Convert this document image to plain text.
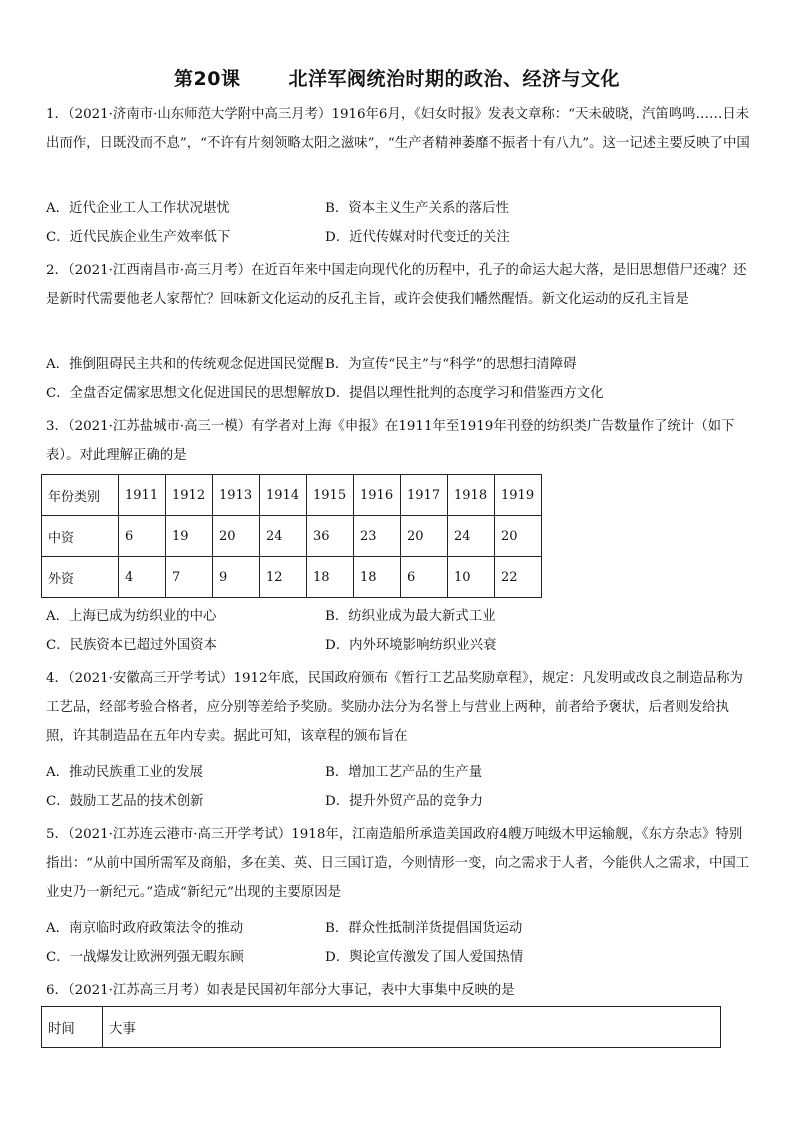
第20课	北洋军阀统治时期的政治、经济与文化
1．（2021·济南市·山东师范大学附中高三月考）1916年6月，《妇女时报》发表文章称：“天未破晓，汽笛鸣鸣……日未出而作，日既没而不息”，“不许有片刻领略太阳之滋味”，“生产者精神萎靡不振者十有八九”。这一记述主要反映了中国
A．近代企业工人工作状况堪忧	B．资本主义生产关系的落后性
C．近代民族企业生产效率低下	D．近代传媒对时代变迁的关注
2．（2021·江西南昌市·高三月考）在近百年来中国走向现代化的历程中，孔子的命运大起大落，是旧思想借尸还魂？还是新时代需要他老人家帮忙？回味新文化运动的反孔主旨，或许会使我们幡然醒悟。新文化运动的反孔主旨是
A．推倒阻碍民主共和的传统观念促进国民觉醒 B．为宣传“民主”与“科学”的思想扫清障碍
C．全盘否定儒家思想文化促进国民的思想解放 D．提倡以理性批判的态度学习和借鉴西方文化
3．（2021·江苏盐城市·高三一模）有学者对上海《申报》在1911年至1919年刊登的纺织类广告数量作了统计（如下表）。对此理解正确的是
年份类别	1911	1912	1913	1914	1915	1916	1917	1918	1919
中资	6	19	20	24	36	23	20	24	20
外资	4	7	9	12	18	18	6	10	22
A．上海已成为纺织业的中心	B．纺织业成为最大新式工业
C．民族资本已超过外国资本	D．内外环境影响纺织业兴衰
4．（2021·安徽高三开学考试）1912年底，民国政府颁布《暂行工艺品奖励章程》，规定：凡发明或改良之制造品称为工艺品，经部考验合格者，应分别等差给予奖励。奖励办法分为名誉上与营业上两种，前者给予褒状，后者则发给执照，许其制造品在五年内专卖。据此可知，该章程的颁布旨在
A．推动民族重工业的发展	B．增加工艺产品的生产量
C．鼓励工艺品的技术创新	D．提升外贸产品的竞争力
5．（2021·江苏连云港市·高三开学考试）1918年，江南造船所承造美国政府4艘万吨级木甲运输舰，《东方杂志》特别指出：“从前中国所需军及商船，多在美、英、日三国订造，今则情形一变，向之需求于人者，今能供人之需求，中国工业史乃一新纪元。”造成“新纪元”出现的主要原因是
A．南京临时政府政策法令的推动	B．群众性抵制洋货提倡国货运动
C．一战爆发让欧洲列强无暇东顾	D．舆论宣传激发了国人爱国热情
6．（2021·江苏高三月考）如表是民国初年部分大事记，表中大事集中反映的是
时间	大事
